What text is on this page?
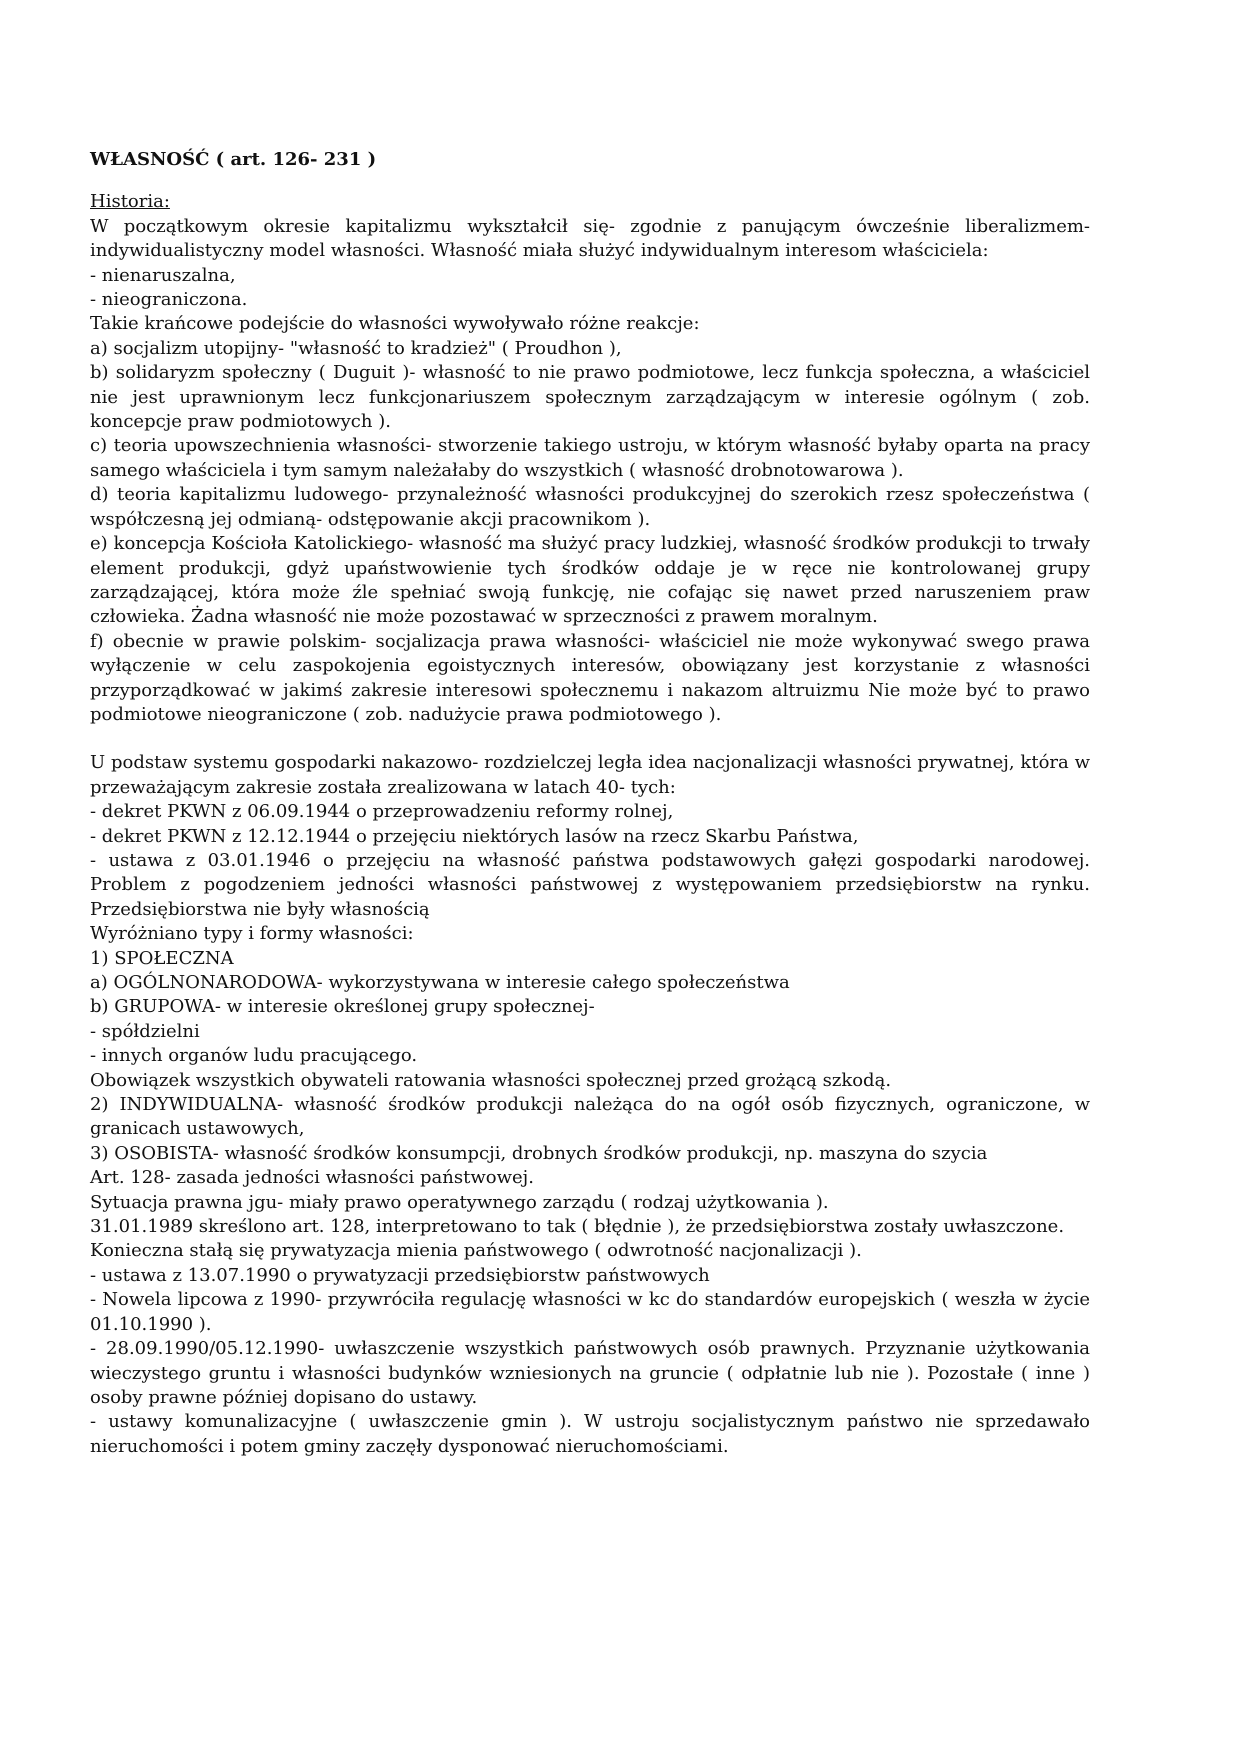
WŁASNOŚĆ ( art. 126- 231 )
Historia:

W początkowym okresie kapitalizmu wykształcił się- zgodnie z panującym ówcześnie liberalizmem- indywidualistyczny model własności. Własność miała służyć indywidualnym interesom właściciela:

- nienaruszalna,

- nieograniczona.

Takie krańcowe podejście do własności wywoływało różne reakcje:

a) socjalizm utopijny- "własność to kradzież" ( Proudhon ),

b) solidaryzm społeczny ( Duguit )- własność to nie prawo podmiotowe, lecz funkcja społeczna, a właściciel nie jest uprawnionym lecz funkcjonariuszem społecznym zarządzającym w interesie ogólnym ( zob. koncepcje praw podmiotowych ).

c) teoria upowszechnienia własności- stworzenie takiego ustroju, w którym własność byłaby oparta na pracy samego właściciela i tym samym należałaby do wszystkich ( własność drobnotowarowa ).

d) teoria kapitalizmu ludowego- przynależność własności produkcyjnej do szerokich rzesz społeczeństwa ( współczesną jej odmianą- odstępowanie akcji pracownikom ).

e) koncepcja Kościoła Katolickiego- własność ma służyć pracy ludzkiej, własność środków produkcji to trwały element produkcji, gdyż upaństwowienie tych środków oddaje je w ręce nie kontrolowanej grupy zarządzającej, która może źle spełniać swoją funkcję, nie cofając się nawet przed naruszeniem praw człowieka. Żadna własność nie może pozostawać w sprzeczności z prawem moralnym.

f) obecnie w prawie polskim- socjalizacja prawa własności- właściciel nie może wykonywać swego prawa wyłączenie w celu zaspokojenia egoistycznych interesów, obowiązany jest korzystanie z własności przyporządkować w jakimś zakresie interesowi społecznemu i nakazom altruizmu Nie może być to prawo podmiotowe nieograniczone ( zob. nadużycie prawa podmiotowego ).

U podstaw systemu gospodarki nakazowo- rozdzielczej legła idea nacjonalizacji własności prywatnej, która w przeważającym zakresie została zrealizowana w latach 40- tych:

- dekret PKWN z 06.09.1944 o przeprowadzeniu reformy rolnej,

- dekret PKWN z 12.12.1944 o przejęciu niektórych lasów na rzecz Skarbu Państwa,

- ustawa z 03.01.1946 o przejęciu na własność państwa podstawowych gałęzi gospodarki narodowej. Problem z pogodzeniem jedności własności państwowej z występowaniem przedsiębiorstw na rynku. Przedsiębiorstwa nie były własnością

Wyróżniano typy i formy własności:

1) SPOŁECZNA

a) OGÓLNONARODOWA- wykorzystywana w interesie całego społeczeństwa

b) GRUPOWA- w interesie określonej grupy społecznej-

- spółdzielni

- innych organów ludu pracującego.

Obowiązek wszystkich obywateli ratowania własności społecznej przed grożącą szkodą.

2) INDYWIDUALNA- własność środków produkcji należąca do na ogół osób fizycznych, ograniczone, w granicach ustawowych,

3) OSOBISTA- własność środków konsumpcji, drobnych środków produkcji, np. maszyna do szycia

Art. 128- zasada jedności własności państwowej.

Sytuacja prawna jgu- miały prawo operatywnego zarządu ( rodzaj użytkowania ).

31.01.1989 skreślono art. 128, interpretowano to tak ( błędnie ), że przedsiębiorstwa zostały uwłaszczone.

Konieczna stałą się prywatyzacja mienia państwowego ( odwrotność nacjonalizacji ).

- ustawa z 13.07.1990 o prywatyzacji przedsiębiorstw państwowych

- Nowela lipcowa z 1990- przywróciła regulację własności w kc do standardów europejskich ( weszła w życie 01.10.1990 ).

- 28.09.1990/05.12.1990- uwłaszczenie wszystkich państwowych osób prawnych. Przyznanie użytkowania wieczystego gruntu i własności budynków wzniesionych na gruncie ( odpłatnie lub nie ). Pozostałe ( inne ) osoby prawne później dopisano do ustawy.

- ustawy komunalizacyjne ( uwłaszczenie gmin ). W ustroju socjalistycznym państwo nie sprzedawało nieruchomości i potem gminy zaczęły dysponować nieruchomościami.
